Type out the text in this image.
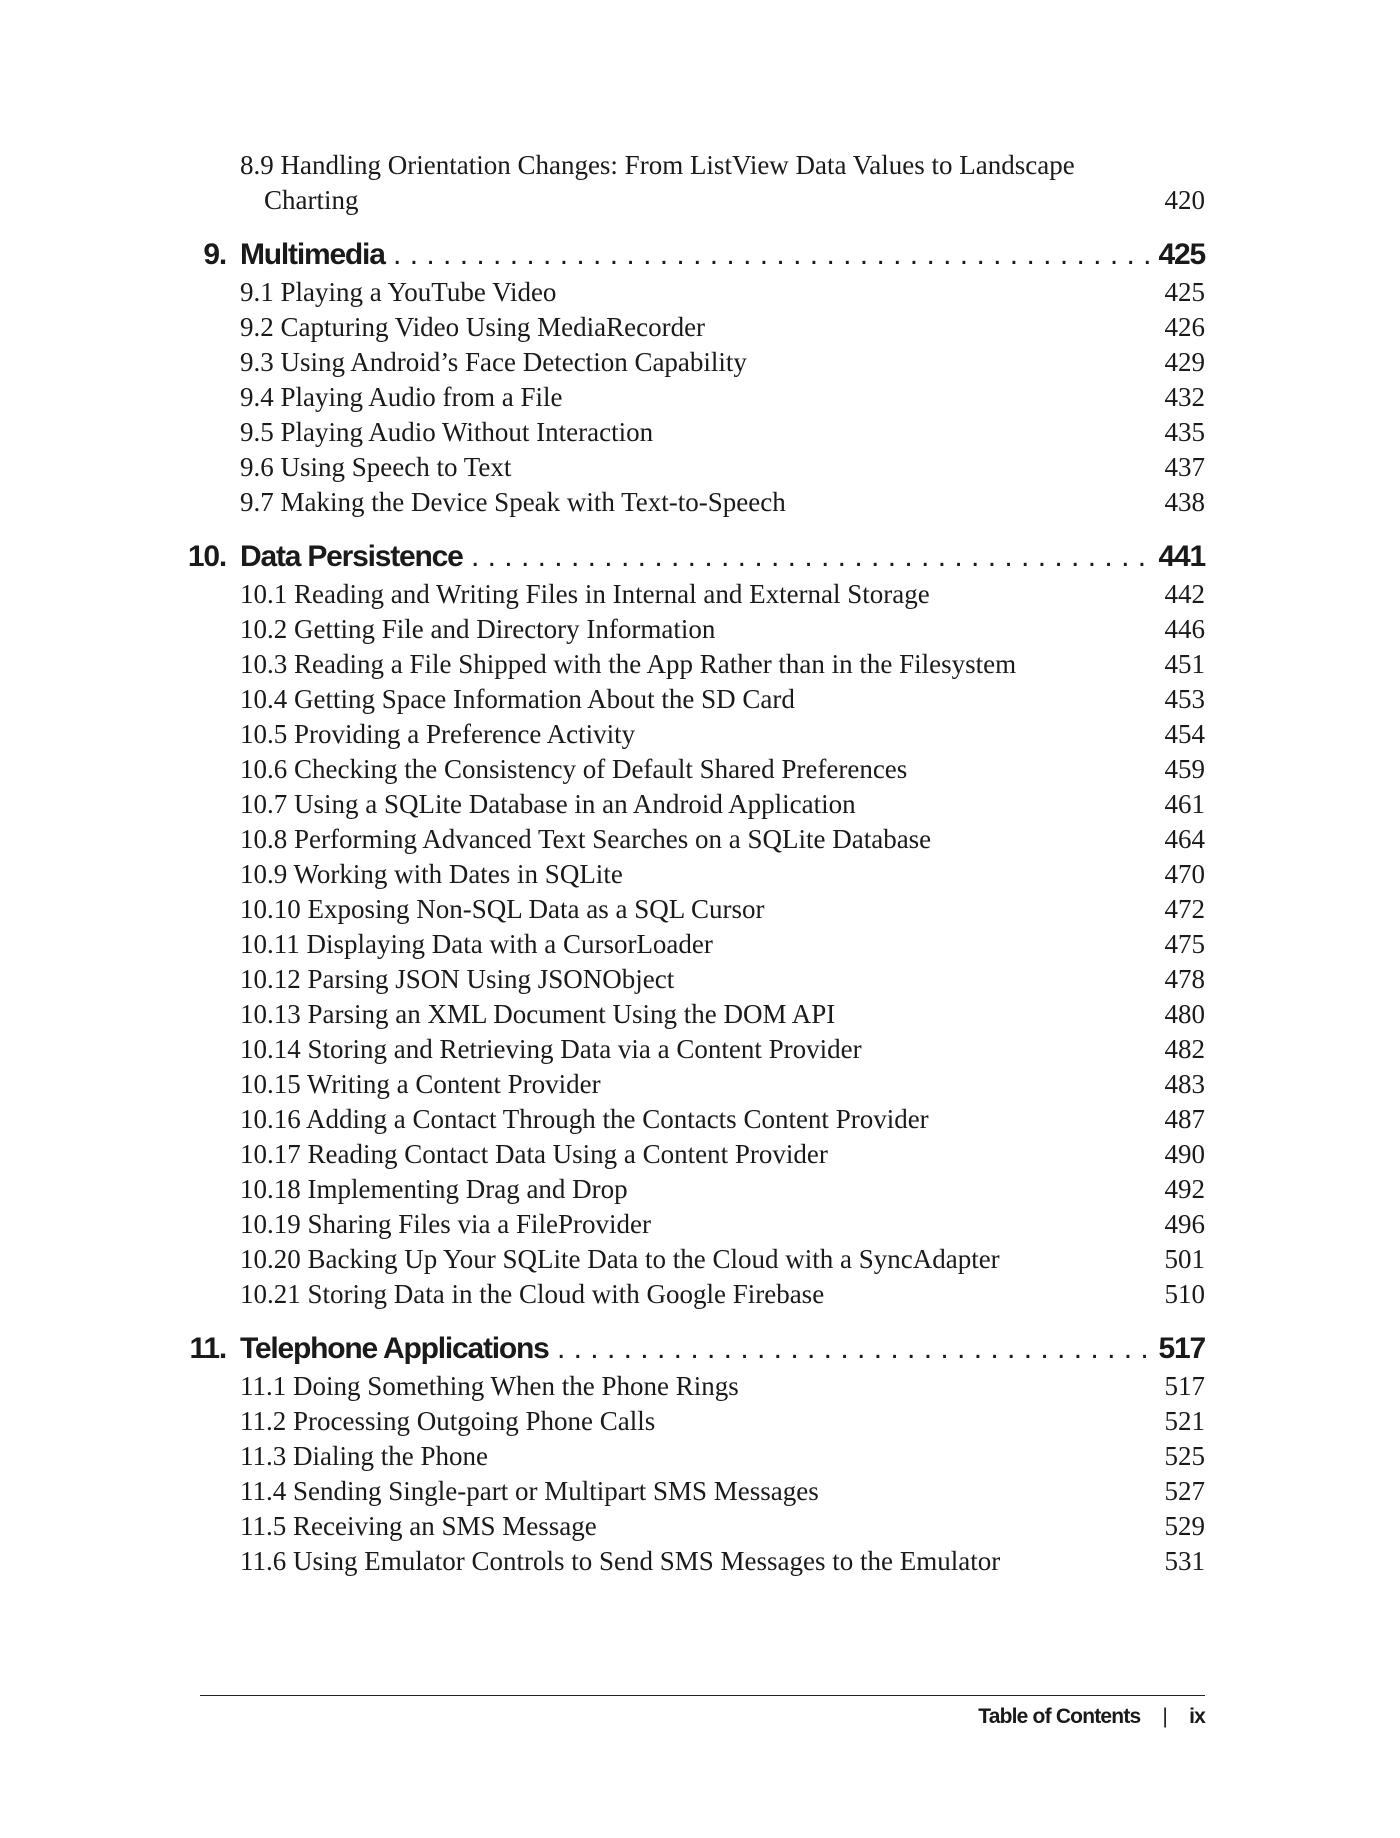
8.9 Handling Orientation Changes: From ListView Data Values to Landscape
Charting	420
9. Multimedia . . .	425
9.1 Playing a YouTube Video	425
9.2 Capturing Video Using MediaRecorder	426
9.3 Using Android’s Face Detection Capability	429
9.4 Playing Audio from a File	432
9.5 Playing Audio Without Interaction	435
9.6 Using Speech to Text	437
9.7 Making the Device Speak with Text-to-Speech	438
10. Data Persistence . . .	441
10.1 Reading and Writing Files in Internal and External Storage	442
10.2 Getting File and Directory Information	446
10.3 Reading a File Shipped with the App Rather than in the Filesystem	451
10.4 Getting Space Information About the SD Card	453
10.5 Providing a Preference Activity	454
10.6 Checking the Consistency of Default Shared Preferences	459
10.7 Using a SQLite Database in an Android Application	461
10.8 Performing Advanced Text Searches on a SQLite Database	464
10.9 Working with Dates in SQLite	470
10.10 Exposing Non-SQL Data as a SQL Cursor	472
10.11 Displaying Data with a CursorLoader	475
10.12 Parsing JSON Using JSONObject	478
10.13 Parsing an XML Document Using the DOM API	480
10.14 Storing and Retrieving Data via a Content Provider	482
10.15 Writing a Content Provider	483
10.16 Adding a Contact Through the Contacts Content Provider	487
10.17 Reading Contact Data Using a Content Provider	490
10.18 Implementing Drag and Drop	492
10.19 Sharing Files via a FileProvider	496
10.20 Backing Up Your SQLite Data to the Cloud with a SyncAdapter	501
10.21 Storing Data in the Cloud with Google Firebase	510
11. Telephone Applications . . .	517
11.1 Doing Something When the Phone Rings	517
11.2 Processing Outgoing Phone Calls	521
11.3 Dialing the Phone	525
11.4 Sending Single-part or Multipart SMS Messages	527
11.5 Receiving an SMS Message	529
11.6 Using Emulator Controls to Send SMS Messages to the Emulator	531
Table of Contents | ix
